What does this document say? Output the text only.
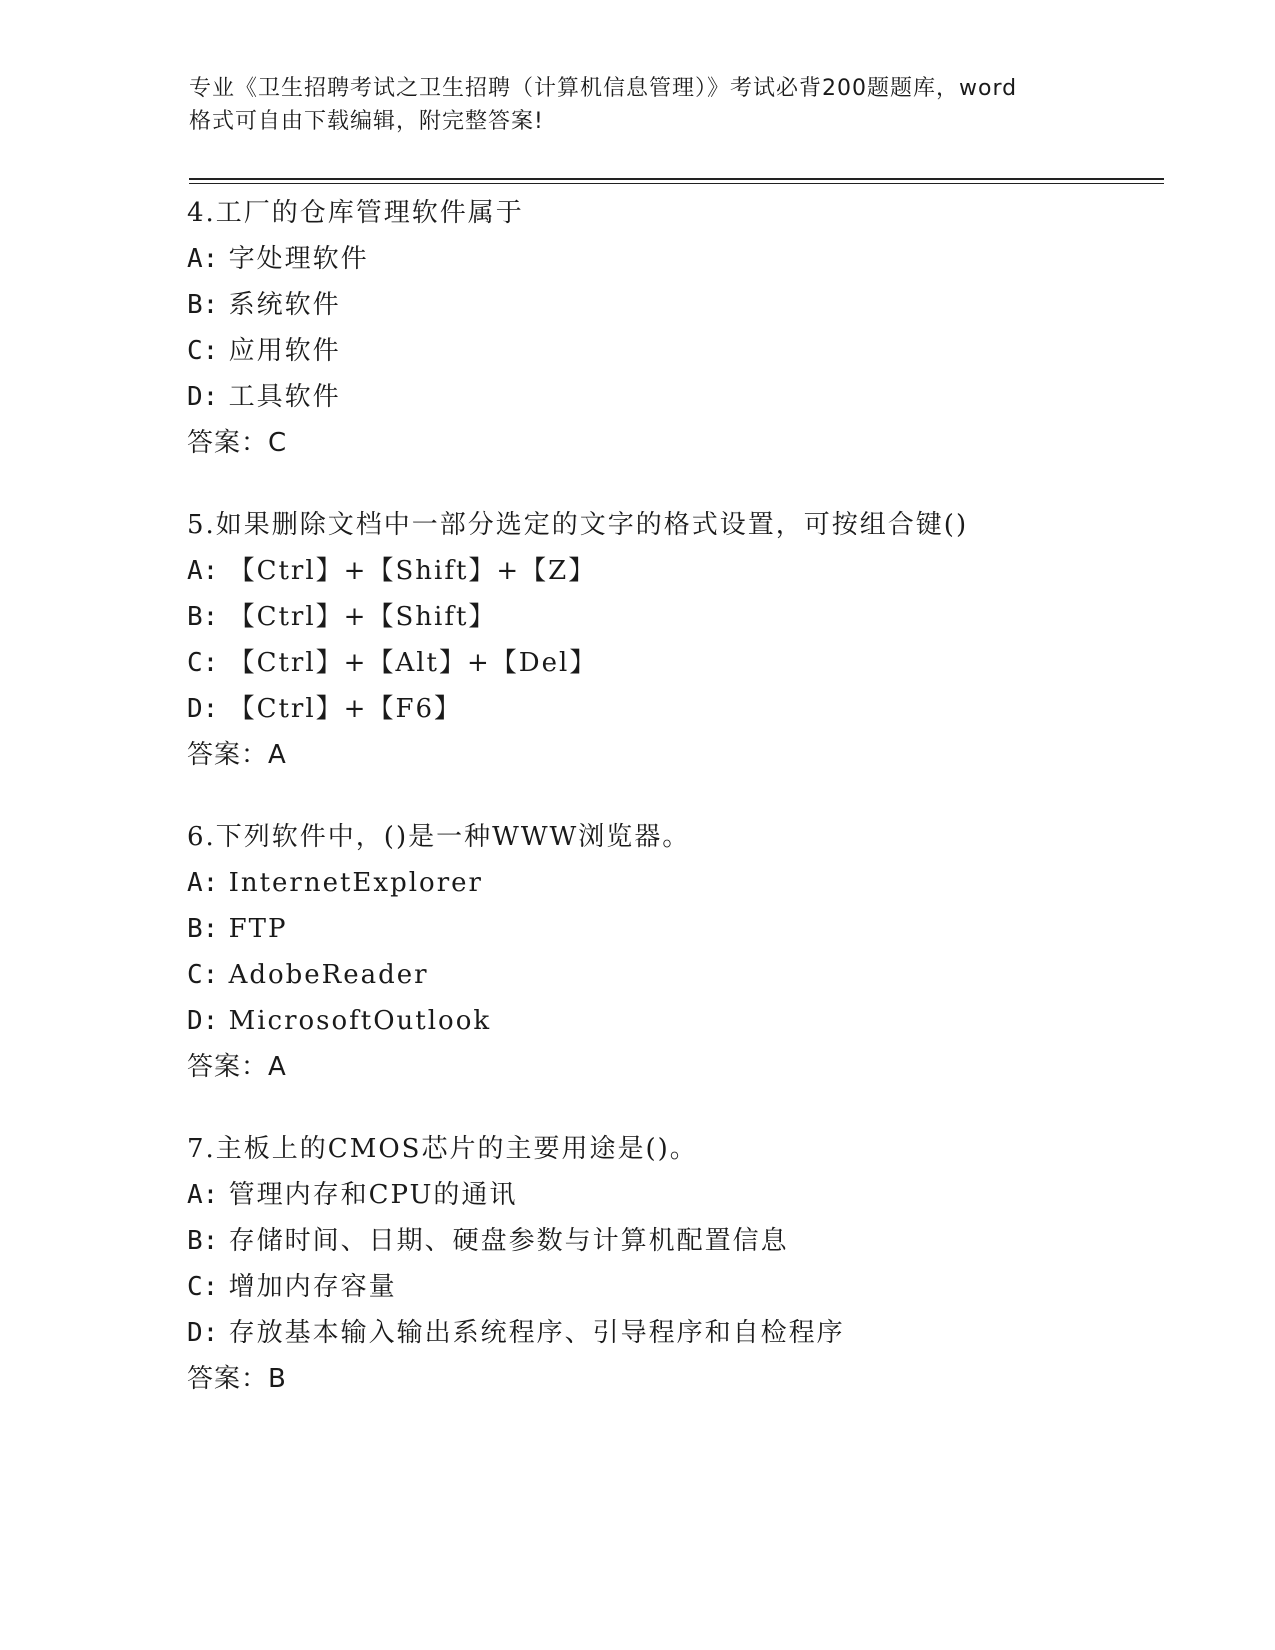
专业《卫生招聘考试之卫生招聘（计算机信息管理）》考试必背200题题库，word
格式可自由下载编辑，附完整答案!
4.工厂的仓库管理软件属于
A: 字处理软件
B: 系统软件
C: 应用软件
D: 工具软件
答案：C
5.如果删除文档中一部分选定的文字的格式设置，可按组合键()
A: 【Ctrl】+【Shift】+【Z】
B: 【Ctrl】+【Shift】
C: 【Ctrl】+【Alt】+【Del】
D: 【Ctrl】+【F6】
答案：A
6.下列软件中，()是一种WWW浏览器。
A: InternetExplorer
B: FTP
C: AdobeReader
D: MicrosoftOutlook
答案：A
7.主板上的CMOS芯片的主要用途是()。
A: 管理内存和CPU的通讯
B: 存储时间、日期、硬盘参数与计算机配置信息
C: 增加内存容量
D: 存放基本输入输出系统程序、引导程序和自检程序
答案：B
